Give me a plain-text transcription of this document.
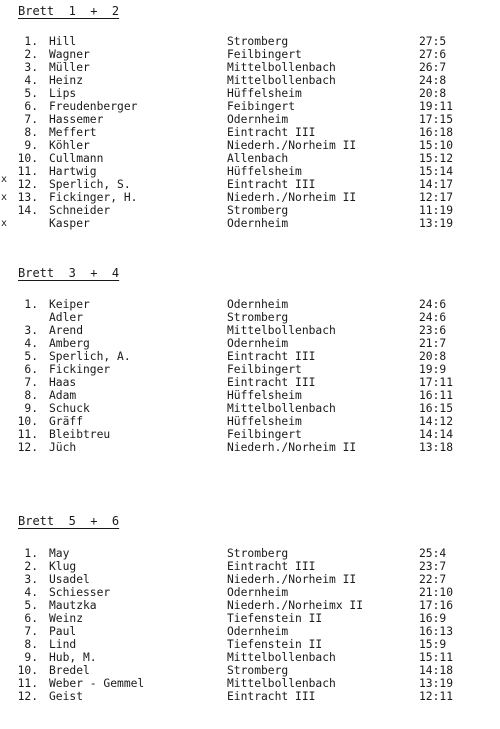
Brett  1  +  2
1. Hill	Stromberg	27:5
2. Wagner	Feilbingert	27:6
3. Müller	Mittelbollenbach	26:7
4. Heinz	Mittelbollenbach	24:8
5. Lips	Hüffelsheim	20:8
6. Freudenberger	Feibingert	19:11
7. Hassemer	Odernheim	17:15
8. Meffert	Eintracht III	16:18
9. Köhler	Niederh./Norheim II	15:10
10. Cullmann	Allenbach	15:12
11. Hartwig	Hüffelsheim	15:14
x 12. Sperlich, S.	Eintracht III	14:17
x 13. Fickinger, H.	Niederh./Norheim II	12:17
14. Schneider	Stromberg	11:19
x	Kasper	Odernheim	13:19
Brett  3  +  4
1. Keiper	Odernheim	24:6
Adler	Stromberg	24:6
3. Arend	Mittelbollenbach	23:6
4. Amberg	Odernheim	21:7
5. Sperlich, A.	Eintracht III	20:8
6. Fickinger	Feilbingert	19:9
7. Haas	Eintracht III	17:11
8. Adam	Hüffelsheim	16:11
9. Schuck	Mittelbollenbach	16:15
10. Gräff	Hüffelsheim	14:12
11. Bleibtreu	Feilbingert	14:14
12. Jüch	Niederh./Norheim II	13:18
Brett  5  +  6
1. May	Stromberg	25:4
2. Klug	Eintracht III	23:7
3. Usadel	Niederh./Norheim II	22:7
4. Schiesser	Odernheim	21:10
5. Mautzka	Niederh./Norheimx II	17:16
6. Weinz	Tiefenstein II	16:9
7. Paul	Odernheim	16:13
8. Lind	Tiefenstein II	15:9
9. Hub, M.	Mittelbollenbach	15:11
10. Bredel	Stromberg	14:18
11. Weber - Gemmel	Mittelbollenbach	13:19
12. Geist	Eintracht III	12:11
